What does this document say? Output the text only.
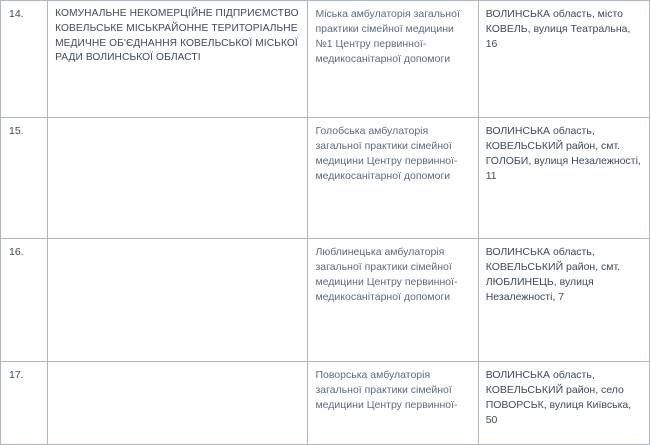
14.	КОМУНАЛЬНЕ НЕКОМЕРЦІЙНЕ ПІДПРИЄМСТВО КОВЕЛЬСЬКЕ МІСЬКРАЙОННЕ ТЕРИТОРІАЛЬНЕ МЕДИЧНЕ ОБ'ЄДНАННЯ КОВЕЛЬСЬКОЇ МІСЬКОЇ РАДИ ВОЛИНСЬКОЇ ОБЛАСТІ	Міська амбулаторія загальної практики сімейної медицини №1 Центру первинної-медикосанітарної допомоги	ВОЛИНСЬКА область, місто КОВЕЛЬ, вулиця Театральна, 16

15.		Голобська амбулаторія загальної практики сімейної медицини Центру первинної-медикосанітарної допомоги	ВОЛИНСЬКА область, КОВЕЛЬСЬКИЙ район, смт. ГОЛОБИ, вулиця Незалежності, 11

16.		Люблинецька амбулаторія загальної практики сімейної медицини Центру первинної-медикосанітарної допомоги	ВОЛИНСЬКА область, КОВЕЛЬСЬКИЙ район, смт. ЛЮБЛИНЕЦЬ, вулиця Незалежності, 7

17.		Поворська амбулаторія загальної практики сімейної медицини Центру первинної-	ВОЛИНСЬКА область, КОВЕЛЬСЬКИЙ район, село ПОВОРСЬК, вулиця Київська, 50
